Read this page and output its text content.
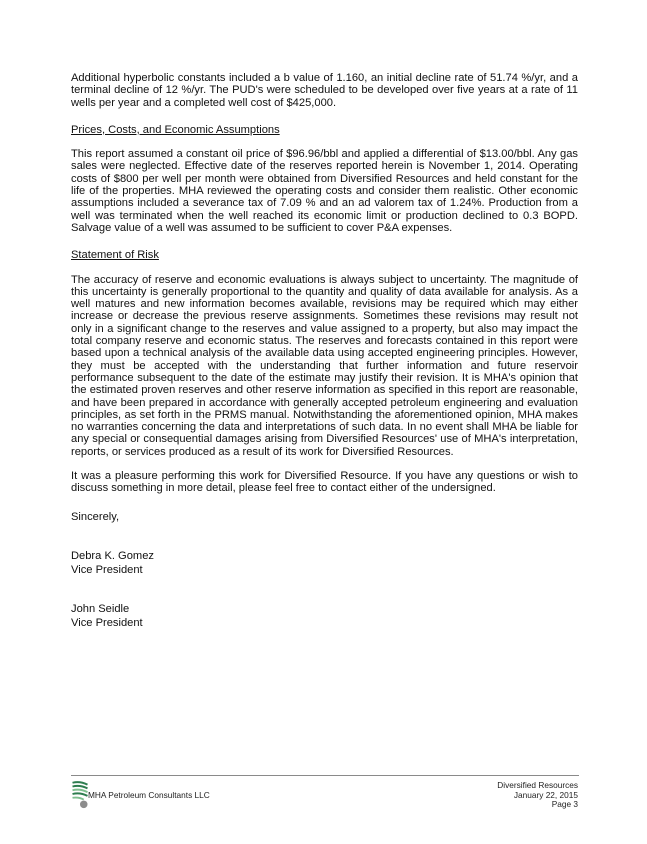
Additional hyperbolic constants included a b value of 1.160, an initial decline rate of 51.74 %/yr, and a terminal decline of 12 %/yr. The PUD's were scheduled to be developed over five years at a rate of 11 wells per year and a completed well cost of $425,000.

Prices, Costs, and Economic Assumptions

This report assumed a constant oil price of $96.96/bbl and applied a differential of $13.00/bbl. Any gas sales were neglected. Effective date of the reserves reported herein is November 1, 2014. Operating costs of $800 per well per month were obtained from Diversified Resources and held constant for the life of the properties. MHA reviewed the operating costs and consider them realistic. Other economic assumptions included a severance tax of 7.09 % and an ad valorem tax of 1.24%. Production from a well was terminated when the well reached its economic limit or production declined to 0.3 BOPD. Salvage value of a well was assumed to be sufficient to cover P&A expenses.

Statement of Risk

The accuracy of reserve and economic evaluations is always subject to uncertainty. The magnitude of this uncertainty is generally proportional to the quantity and quality of data available for analysis. As a well matures and new information becomes available, revisions may be required which may either increase or decrease the previous reserve assignments. Sometimes these revisions may result not only in a significant change to the reserves and value assigned to a property, but also may impact the total company reserve and economic status. The reserves and forecasts contained in this report were based upon a technical analysis of the available data using accepted engineering principles. However, they must be accepted with the understanding that further information and future reservoir performance subsequent to the date of the estimate may justify their revision. It is MHA's opinion that the estimated proven reserves and other reserve information as specified in this report are reasonable, and have been prepared in accordance with generally accepted petroleum engineering and evaluation principles, as set forth in the PRMS manual. Notwithstanding the aforementioned opinion, MHA makes no warranties concerning the data and interpretations of such data. In no event shall MHA be liable for any special or consequential damages arising from Diversified Resources' use of MHA's interpretation, reports, or services produced as a result of its work for Diversified Resources.

It was a pleasure performing this work for Diversified Resource. If you have any questions or wish to discuss something in more detail, please feel free to contact either of the undersigned.

Sincerely,

Debra K. Gomez

Vice President

John Seidle

Vice President

MHA Petroleum Consultants LLC
Diversified Resources
January 22, 2015
Page 3
